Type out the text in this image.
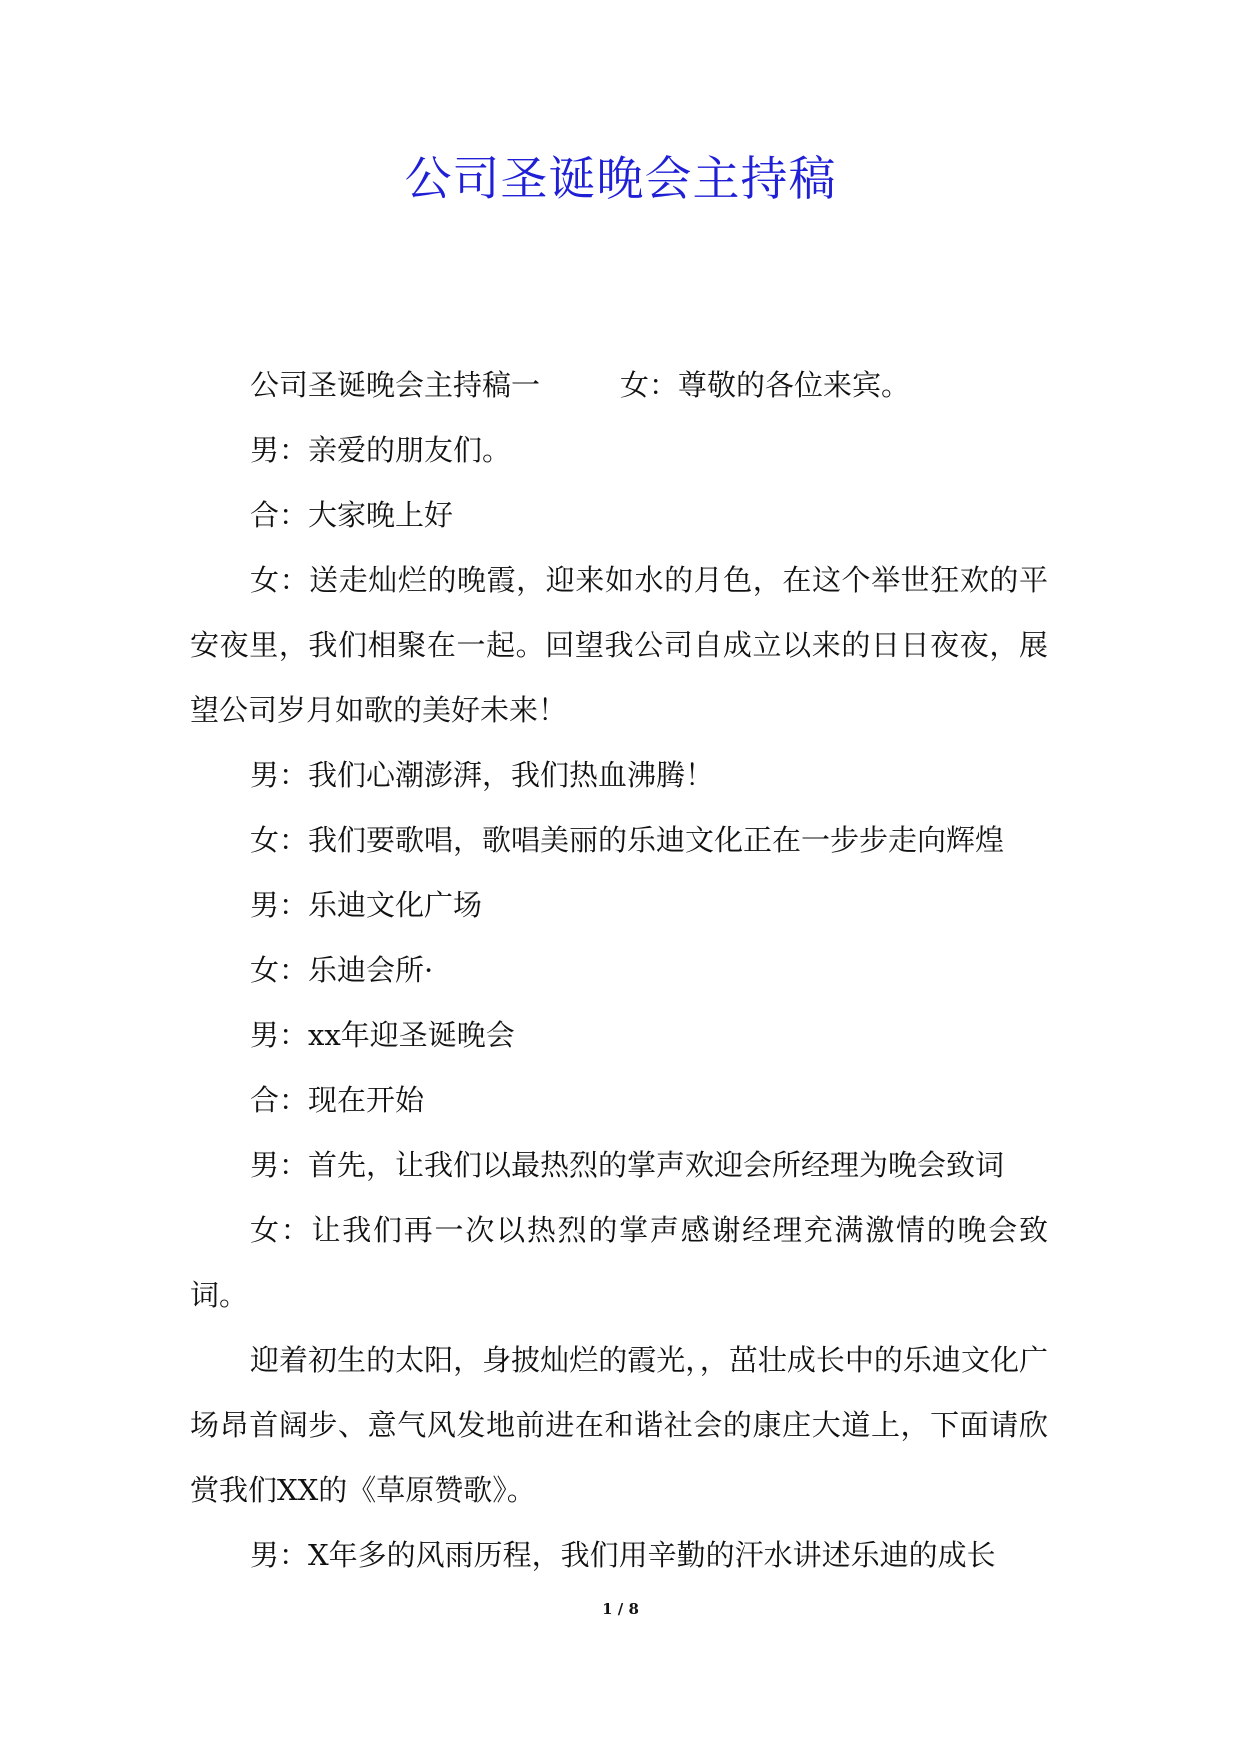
公司圣诞晚会主持稿

公司圣诞晚会主持稿一	女：尊敬的各位来宾。

男：亲爱的朋友们。

合：大家晚上好

女：送走灿烂的晚霞，迎来如水的月色，在这个举世狂欢的平安夜里，我们相聚在一起。回望我公司自成立以来的日日夜夜，展望公司岁月如歌的美好未来！

男：我们心潮澎湃，我们热血沸腾！

女：我们要歌唱，歌唱美丽的乐迪文化正在一步步走向辉煌

男：乐迪文化广场

女：乐迪会所·

男：xx年迎圣诞晚会

合：现在开始

男：首先，让我们以最热烈的掌声欢迎会所经理为晚会致词

女：让我们再一次以热烈的掌声感谢经理充满激情的晚会致词。

迎着初生的太阳，身披灿烂的霞光，，茁壮成长中的乐迪文化广场昂首阔步、意气风发地前进在和谐社会的康庄大道上，下面请欣赏我们XX的《草原赞歌》。

男：X年多的风雨历程，我们用辛勤的汗水讲述乐迪的成长

1 / 8
